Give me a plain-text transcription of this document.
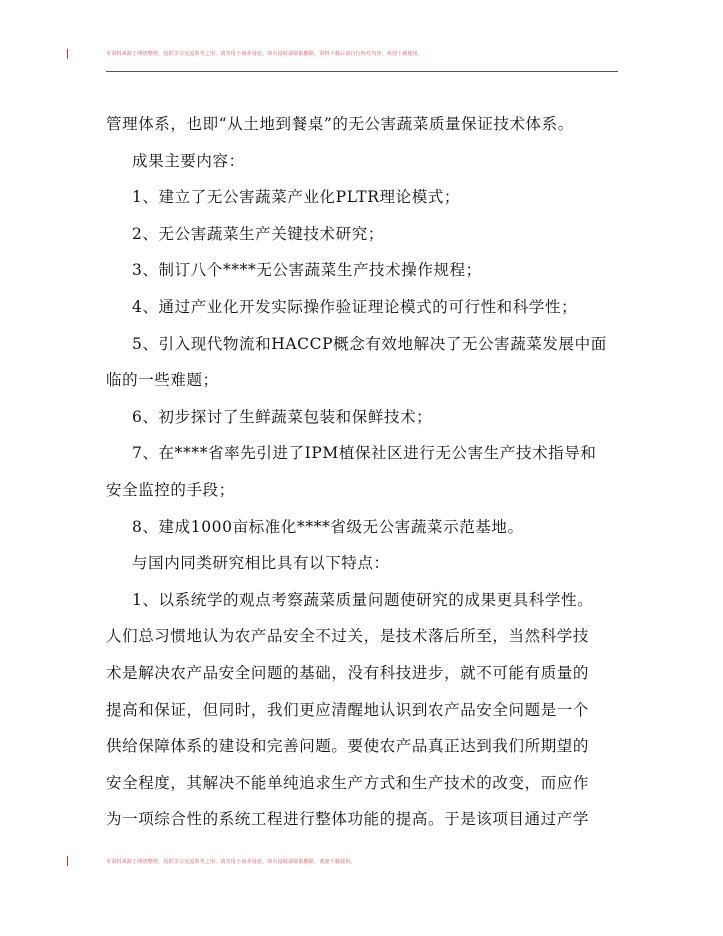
本资料来源于网络整理，仅供学习交流参考之用，请勿用于商业用途。如有侵权请联系删除。资料下载后请自行核对内容，欢迎下载使用。
管理体系，也即“从土地到餐桌”的无公害蔬菜质量保证技术体系。
成果主要内容：
1、建立了无公害蔬菜产业化PLTR理论模式；
2、无公害蔬菜生产关键技术研究；
3、制订八个****无公害蔬菜生产技术操作规程；
4、通过产业化开发实际操作验证理论模式的可行性和科学性；
5、引入现代物流和HACCP概念有效地解决了无公害蔬菜发展中面
临的一些难题；
6、初步探讨了生鲜蔬菜包装和保鲜技术；
7、在****省率先引进了IPM植保社区进行无公害生产技术指导和
安全监控的手段；
8、建成1000亩标准化****省级无公害蔬菜示范基地。
与国内同类研究相比具有以下特点：
1、以系统学的观点考察蔬菜质量问题使研究的成果更具科学性。
人们总习惯地认为农产品安全不过关，是技术落后所至，当然科学技
术是解决农产品安全问题的基础，没有科技进步，就不可能有质量的
提高和保证，但同时，我们更应清醒地认识到农产品安全问题是一个
供给保障体系的建设和完善问题。要使农产品真正达到我们所期望的
安全程度，其解决不能单纯追求生产方式和生产技术的改变，而应作
为一项综合性的系统工程进行整体功能的提高。于是该项目通过产学
本资料来源于网络整理，仅供学习交流参考之用，请勿用于商业用途。如有侵权请联系删除。欢迎下载使用。
